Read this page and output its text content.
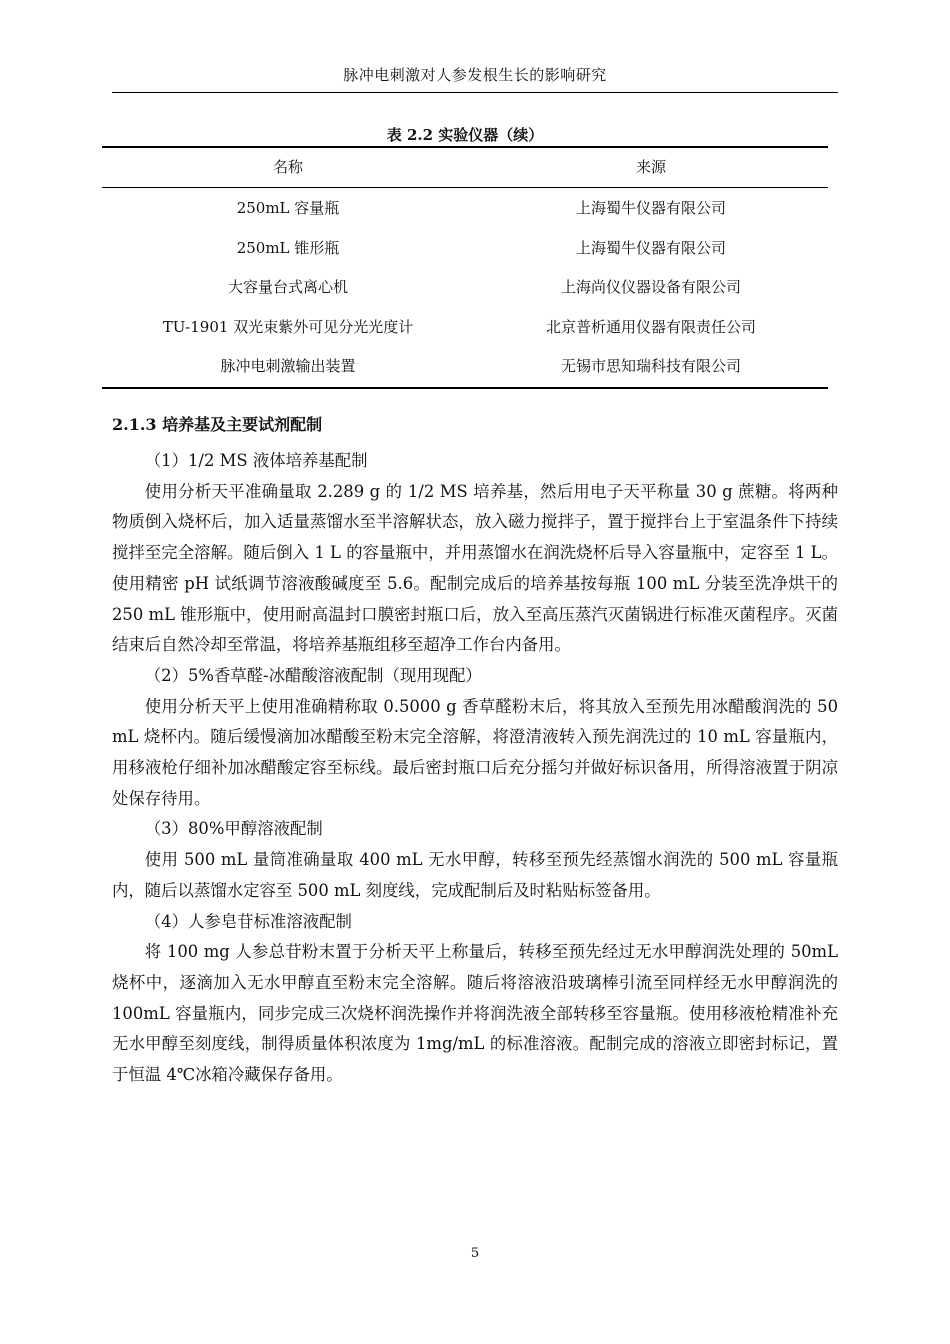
脉冲电刺激对人参发根生长的影响研究
表 2.2 实验仪器（续）
名称	来源
250mL 容量瓶	上海蜀牛仪器有限公司
250mL 锥形瓶	上海蜀牛仪器有限公司
大容量台式离心机	上海尚仪仪器设备有限公司
TU-1901 双光束紫外可见分光光度计	北京普析通用仪器有限责任公司
脉冲电刺激输出装置	无锡市思知瑞科技有限公司
2.1.3 培养基及主要试剂配制

（1）1/2 MS 液体培养基配制

使用分析天平准确量取 2.289 g 的 1/2 MS 培养基，然后用电子天平称量 30 g 蔗糖。将两种物质倒入烧杯后，加入适量蒸馏水至半溶解状态，放入磁力搅拌子，置于搅拌台上于室温条件下持续搅拌至完全溶解。随后倒入 1 L 的容量瓶中，并用蒸馏水在润洗烧杯后导入容量瓶中，定容至 1 L。使用精密 pH 试纸调节溶液酸碱度至 5.6。配制完成后的培养基按每瓶 100 mL 分装至洗净烘干的 250 mL 锥形瓶中，使用耐高温封口膜密封瓶口后，放入至高压蒸汽灭菌锅进行标准灭菌程序。灭菌结束后自然冷却至常温，将培养基瓶组移至超净工作台内备用。

（2）5%香草醛-冰醋酸溶液配制（现用现配）

使用分析天平上使用准确精称取 0.5000 g 香草醛粉末后，将其放入至预先用冰醋酸润洗的 50 mL 烧杯内。随后缓慢滴加冰醋酸至粉末完全溶解，将澄清液转入预先润洗过的 10 mL 容量瓶内，用移液枪仔细补加冰醋酸定容至标线。最后密封瓶口后充分摇匀并做好标识备用，所得溶液置于阴凉处保存待用。

（3）80%甲醇溶液配制

使用 500 mL 量筒准确量取 400 mL 无水甲醇，转移至预先经蒸馏水润洗的 500 mL 容量瓶内，随后以蒸馏水定容至 500 mL 刻度线，完成配制后及时粘贴标签备用。

（4）人参皂苷标准溶液配制

将 100 mg 人参总苷粉末置于分析天平上称量后，转移至预先经过无水甲醇润洗处理的 50mL 烧杯中，逐滴加入无水甲醇直至粉末完全溶解。随后将溶液沿玻璃棒引流至同样经无水甲醇润洗的 100mL 容量瓶内，同步完成三次烧杯润洗操作并将润洗液全部转移至容量瓶。使用移液枪精准补充无水甲醇至刻度线，制得质量体积浓度为 1mg/mL 的标准溶液。配制完成的溶液立即密封标记，置于恒温 4℃冰箱冷藏保存备用。

5
